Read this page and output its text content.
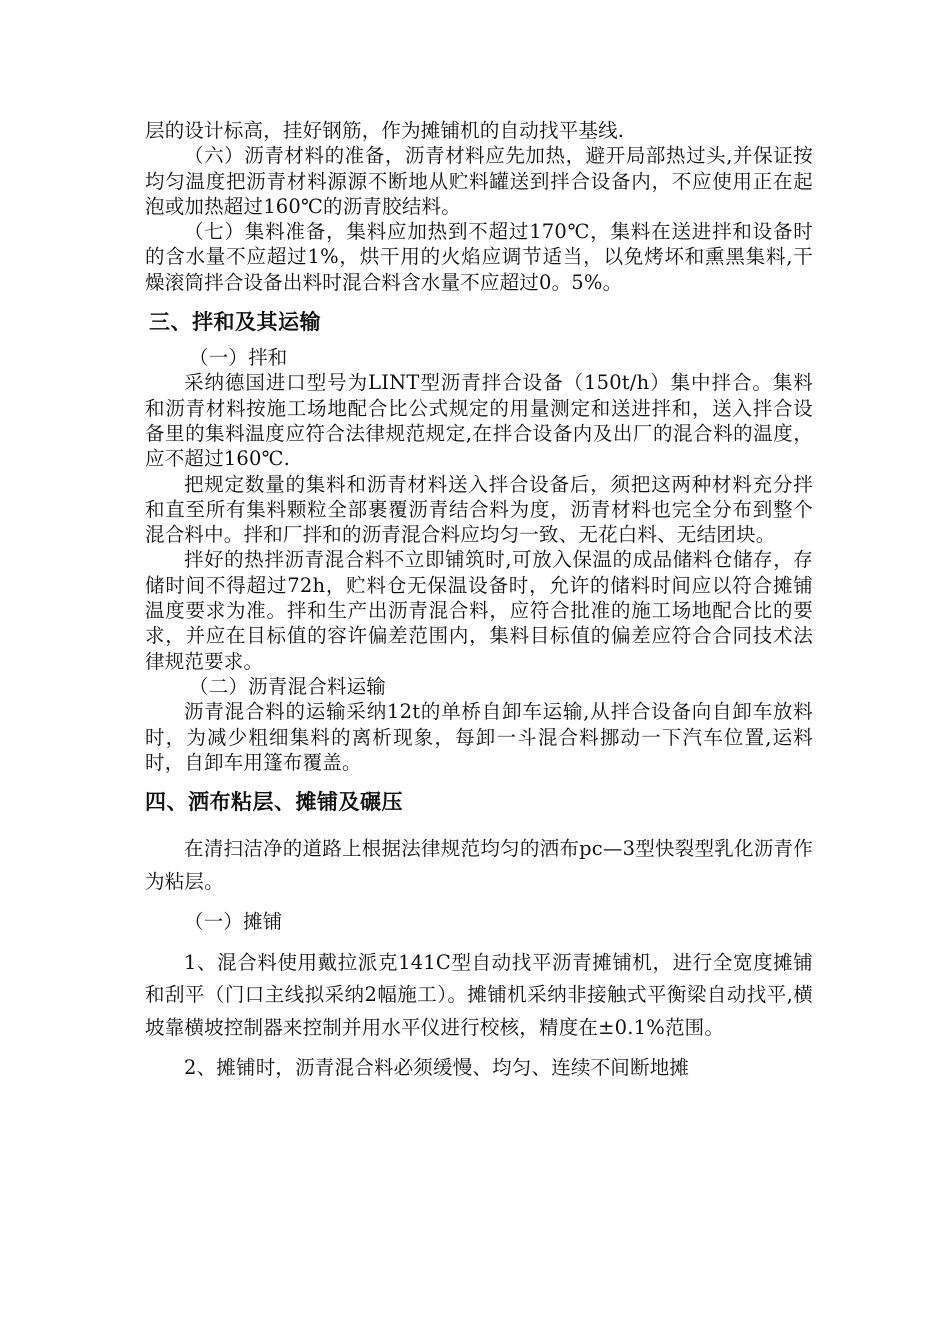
层的设计标高，挂好钢筋，作为摊铺机的自动找平基线.

（六）沥青材料的准备，沥青材料应先加热，避开局部热过头,并保证按均匀温度把沥青材料源源不断地从贮料罐送到拌合设备内，不应使用正在起泡或加热超过160℃的沥青胶结料。

（七）集料准备，集料应加热到不超过170℃，集料在送进拌和设备时的含水量不应超过1%，烘干用的火焰应调节适当，以免烤坏和熏黑集料,干燥滚筒拌合设备出料时混合料含水量不应超过0。5%。

三、拌和及其运输

（一）拌和

采纳德国进口型号为LINT型沥青拌合设备（150t/h）集中拌合。集料和沥青材料按施工场地配合比公式规定的用量测定和送进拌和，送入拌合设备里的集料温度应符合法律规范规定,在拌合设备内及出厂的混合料的温度，应不超过160℃.

把规定数量的集料和沥青材料送入拌合设备后，须把这两种材料充分拌和直至所有集料颗粒全部裹覆沥青结合料为度，沥青材料也完全分布到整个混合料中。拌和厂拌和的沥青混合料应均匀一致、无花白料、无结团块。

拌好的热拌沥青混合料不立即铺筑时,可放入保温的成品储料仓储存，存储时间不得超过72h，贮料仓无保温设备时，允许的储料时间应以符合摊铺温度要求为准。拌和生产出沥青混合料，应符合批准的施工场地配合比的要求，并应在目标值的容许偏差范围内，集料目标值的偏差应符合合同技术法律规范要求。

（二）沥青混合料运输

沥青混合料的运输采纳12t的单桥自卸车运输,从拌合设备向自卸车放料时，为减少粗细集料的离析现象，每卸一斗混合料挪动一下汽车位置,运料时，自卸车用篷布覆盖。

四、洒布粘层、摊铺及碾压

在清扫洁净的道路上根据法律规范均匀的洒布pc—3型快裂型乳化沥青作为粘层。

（一）摊铺

1、混合料使用戴拉派克141C型自动找平沥青摊铺机，进行全宽度摊铺和刮平（门口主线拟采纳2幅施工）。摊铺机采纳非接触式平衡梁自动找平,横坡靠横坡控制器来控制并用水平仪进行校核，精度在±0.1%范围。

2、摊铺时，沥青混合料必须缓慢、均匀、连续不间断地摊
